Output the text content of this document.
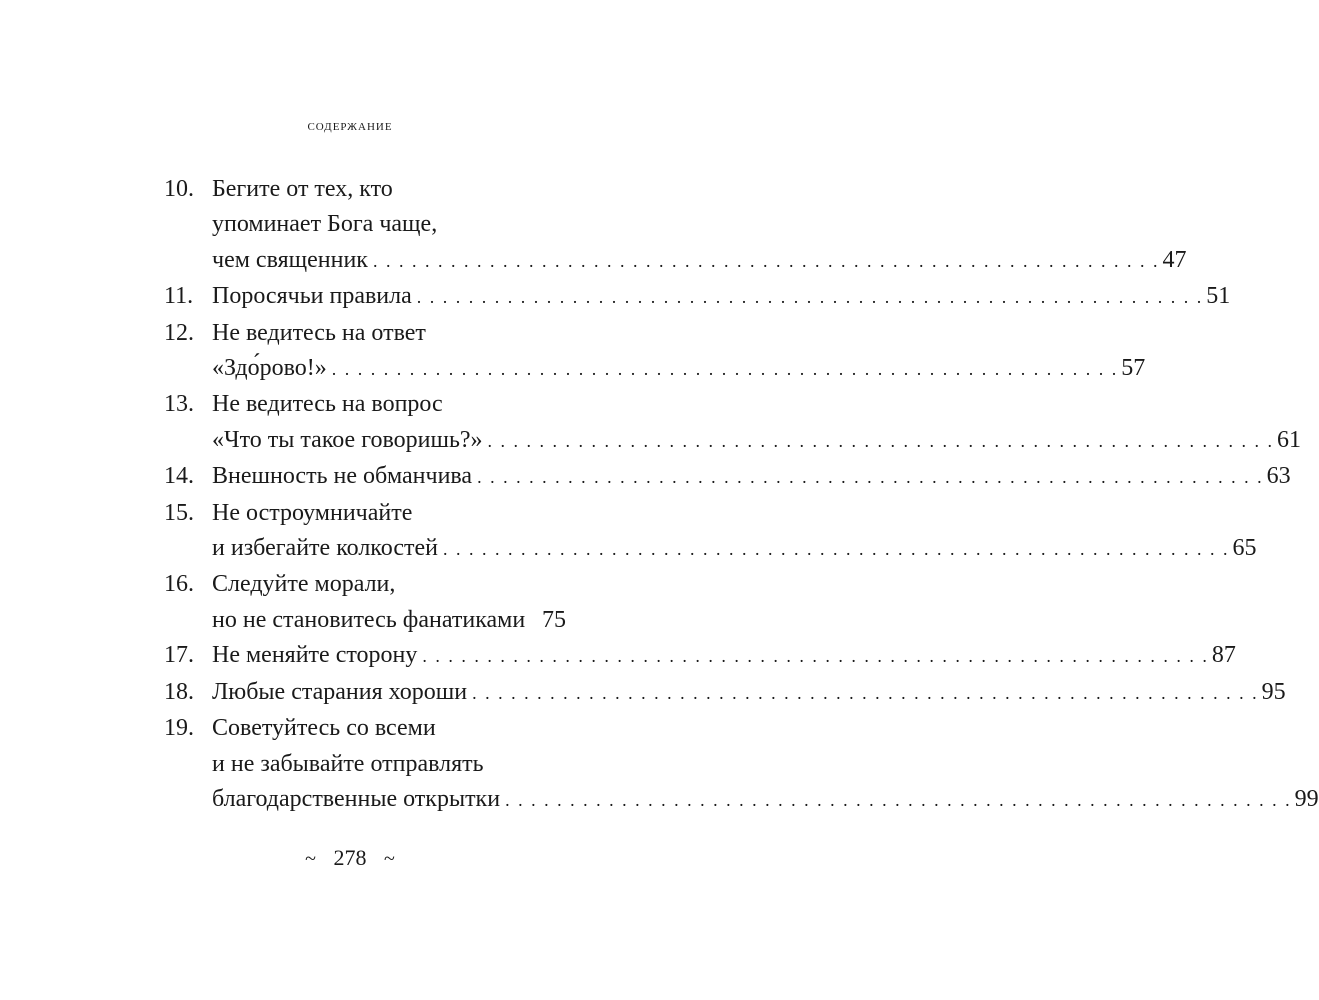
содержание
10. Бегите от тех, кто
упоминает Бога чаще,
чем священник . . .	47
11. Поросячьи правила . . .	51
12. Не ведитесь на ответ
«Здо́рово!» . . .	57
13. Не ведитесь на вопрос
«Что ты такое говоришь?» . . .	61
14. Внешность не обманчива . . .	63
15. Не остроумничайте
и избегайте колкостей . . .	65
16. Следуйте морали,
но не становитесь фанатиками 75
17. Не меняйте сторону . . .	87
18. Любые старания хороши . . .	95
19. Советуйтесь со всеми
и не забывайте отправлять
благодарственные открытки . . .	99
~ 278 ~
